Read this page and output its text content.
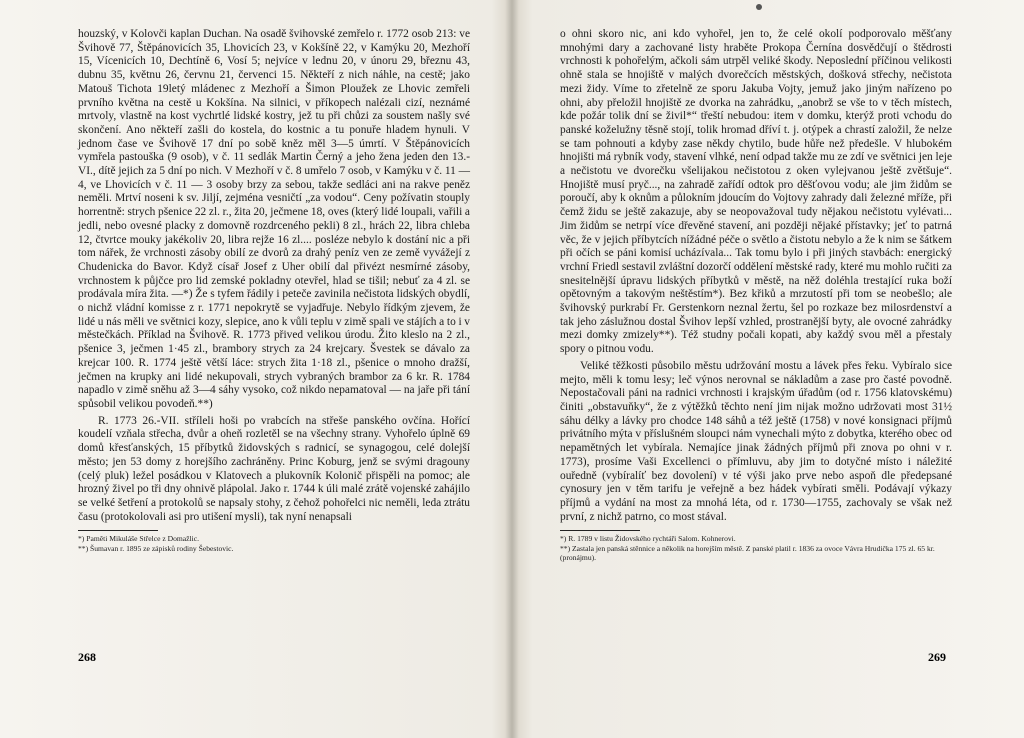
houzský, v Kolovči kaplan Duchan. Na osadě švihovské zemřelo r. 1772 osob 213: ve Švihově 77, Štěpánovicích 35, Lhovicích 23, v Kokšíně 22, v Kamýku 20, Mezhoří 15, Vícenicích 10, Dechtíně 6, Vosí 5; nejvíce v lednu 20, v únoru 29, březnu 43, dubnu 35, květnu 26, červnu 21, červenci 15. Někteří z nich náhle, na cestě; jako Matouš Tichota 19letý mládenec z Mezhoří a Šimon Ploužek ze Lhovic zemřeli prvního května na cestě u Kokšína. Na silnici, v příkopech nalézali cizí, neznámé mrtvoly, vlastně na kost vychrtlé lidské kostry, jež tu při chůzi za soustem našly své skončení. Ano někteří zašli do kostela, do kostnic a tu ponuře hladem hynuli. V jednom čase ve Švihově 17 dní po sobě kněz měl 3—5 úmrtí. V Štěpánovicích vymřela pastouška (9 osob), v č. 11 sedlák Martin Černý a jeho žena jeden den 13.-VI., dítě jejich za 5 dní po nich. V Mezhoří v č. 8 umřelo 7 osob, v Kamýku v č. 11 — 4, ve Lhovicích v č. 11 — 3 osoby brzy za sebou, takže sedláci ani na rakve peněz neměli. Mrtví noseni k sv. Jiljí, zejména vesničtí „za vodou“. Ceny požívatin stouply horrentně: strych pšenice 22 zl. r., žita 20, ječmene 18, oves (který lidé loupali, vařili a jedli, nebo ovesné placky z domovně rozdrceného pekli) 8 zl., hrách 22, libra chleba 12, čtvrtce mouky jakékoliv 20, libra rejže 16 zl.... posléze nebylo k dostání nic a při tom nářek, že vrchnosti zásoby obilí ze dvorů za drahý peníz ven ze země vyvážejí z Chudenicka do Bavor. Když císař Josef z Uher obilí dal přivézt nesmírné zásoby, vrchnostem k půjčce pro lid zemské pokladny otevřel, hlad se tišil; nebuť za 4 zl. se prodávala míra žita. —*) Že s tyfem řádily i peteče zavinila nečistota lidských obydlí, o nichž vládní komisse z r. 1771 nepokrytě se vyjadřuje. Nebylo řídkým zjevem, že lidé u nás měli ve světnici kozy, slepice, ano k vůli teplu v zimě spali ve stájích a to i v městečkách. Příklad na Švihově. R. 1773 přived velikou úrodu. Žito kleslo na 2 zl., pšenice 3, ječmen 1·45 zl., brambory strych za 24 krejcary. Švestek se dávalo za krejcar 100. R. 1774 ještě větší láce: strych žita 1·18 zl., pšenice o mnoho dražší, ječmen na krupky ani lidé nekupovali, strych vybraných brambor za 6 kr. R. 1784 napadlo v zimě sněhu až 3—4 sáhy vysoko, což nikdo nepamatoval — na jaře při tání spůsobil velikou povodeň.**)

R. 1773 26.-VII. stříleli hoši po vrabcích na střeše panského ovčína. Hořící koudelí vzňala střecha, dvůr a oheň rozletěl se na všechny strany. Vyhořelo úplně 69 domů křesťanských, 15 příbytků židovských s radnicí, se synagogou, celé dolejší město; jen 53 domy z horejšího zachráněny. Princ Koburg, jenž se svými dragouny (celý pluk) ležel posádkou v Klatovech a plukovník Kolonič přispěli na pomoc; ale hrozný živel po tři dny ohnivě plápolal. Jako r. 1744 k úli malé zrátě vojenské zahájilo se velké šetření a protokolů se napsaly stohy, z čehož pohořelci nic neměli, leda ztrátu času (protokolovali asi pro utišení mysli), tak nyní nenapsali

*) Paměti Mikuláše Střelce z Domažlic.

**) Šumavan r. 1895 ze zápisků rodiny Šebestovic.

268

o ohni skoro nic, ani kdo vyhořel, jen to, že celé okolí podporovalo měšťany mnohými dary a zachované listy hraběte Prokopa Černína dosvědčují o štědrosti vrchnosti k pohořelým, ačkoli sám utrpěl veliké škody. Neposlední příčinou velikosti ohně stala se hnojiště v malých dvorečcích městských, došková střechy, nečistota mezi židy. Víme to zřetelně ze sporu Jakuba Vojty, jemuž jako jiným nařízeno po ohni, aby přeložil hnojiště ze dvorka na zahrádku, „anobrž se vše to v těch místech, kde požár tolik dní se živil*“ třeští nebudou: item v domku, kterýž proti vchodu do panské koželužny těsně stojí, tolik hromad dříví t. j. otýpek a chrastí založil, že nelze se tam pohnouti a kdyby zase někdy chytilo, bude hůře než předešle. V hlubokém hnojišti má rybník vody, stavení vlhké, není odpad takže mu ze zdí ve světnici jen leje a nečistotu ve dvorečku všelijakou nečistotou z oken vylejvanou ještě zvětšuje“. Hnojiště musí pryč..., na zahradě zařídí odtok pro děšťovou vodu; ale jim židům se poroučí, aby k oknům a půlokním jdoucím do Vojtovy zahrady dali železné mříže, při čemž židu se ještě zakazuje, aby se neopovažoval tudy nějakou nečistotu vylévati... Jim židům se netrpí více dřevěné stavení, ani později nějaké přístavky; jeť to patrná věc, že v jejich příbytcích nížádné péče o světlo a čistotu nebylo a že k nim se šátkem při očích se páni komisí ucházívala... Tak tomu bylo i při jiných stavbách: energický vrchní Friedl sestavil zvláštní dozorčí oddělení městské rady, které mu mohlo ručiti za snesitelnější úpravu lidských příbytků v městě, na něž doléhla trestající ruka boží opětovným a takovým neštěstím*). Bez křiků a mrzutostí při tom se neobešlo; ale švihovský purkrabí Fr. Gerstenkorn neznal žertu, šel po rozkaze bez milosrdenství a tak jeho záslužnou dostal Švihov lepší vzhled, prostranější byty, ale ovocné zahrádky mezi domky zmizely**). Též studny počali kopati, aby každý svou měl a přestaly spory o pitnou vodu.

Veliké těžkosti působilo městu udržování mostu a lávek přes řeku. Vybíralo sice mejto, měli k tomu lesy; leč výnos nerovnal se nákladům a zase pro časté povodně. Nepostačovali páni na radnici vrchnosti i krajským úřadům (od r. 1756 klatovskému) činiti „obstavuňky“, že z výtěžků těchto není jim nijak možno udržovati most 31½ sáhu délky a lávky pro chodce 148 sáhů a též ještě (1758) v nové konsignaci příjmů privátního mýta v příslušném sloupci nám vynechali mýto z dobytka, kterého obec od nepamětných let vybírala. Nemajíce jinak žádných příjmů při znova po ohni v r. 1773), prosíme Vaši Excellenci o přímluvu, aby jim to dotyčné místo i náležité ouředně (vybíralíť bez dovolení) v té výši jako prve nebo aspoň dle předepsané cynosury jen v těm tarifu je veřejně a bez hádek vybírati směli. Podávají výkazy příjmů a vydání na most za mnohá léta, od r. 1730—1755, zachovaly se však než první, z nichž patrno, co most stával.

*) R. 1789 v listu Židovského rychtáři Salom. Kohnerovi.

**) Zastala jen panská stěnnice a několik na horejším městě. Z panské platil r. 1836 za ovoce Vávra Hrudička 175 zl. 65 kr. (pronájmu).

269
